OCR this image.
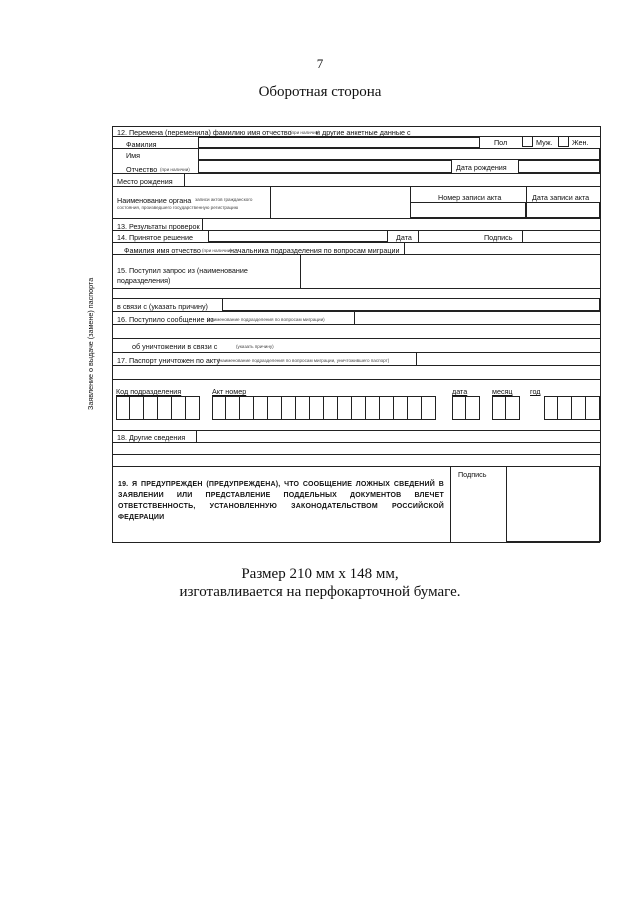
7
Оборотная сторона
Заявление о выдаче (замене) паспорта
12. Перемена (переменила) фамилию имя отчество
(при наличии)
и другие анкетные данные с
Фамилия	Пол	Муж.	Жен.
Имя
Отчество (при наличии)	Дата рождения
Место рождения
Наименование органа записи актов гражданского
состояния, произведшего государственную регистрацию
Номер записи акта	Дата записи акта
13. Результаты проверок
14. Принятое решение	Дата	Подпись
Фамилия имя отчество (при наличии)
начальника подразделения по вопросам миграции
15. Поступил запрос из (наименование
подразделения)
в связи с (указать причину)
16. Поступило сообщение из
(наименование подразделения по вопросам миграции)
об уничтожении в связи с	(указать причину)
17. Паспорт уничтожен по акту
(наименование подразделения по вопросам миграции, уничтожившего паспорт)
Код подразделения	Акт номер	дата	месяц год
18. Другие сведения
Подпись
19. Я ПРЕДУПРЕЖДЕН (ПРЕДУПРЕЖДЕНА), ЧТО СООБЩЕНИЕ ЛОЖНЫХ СВЕДЕНИЙ В ЗАЯВЛЕНИИ ИЛИ ПРЕДСТАВЛЕНИЕ ПОДДЕЛЬНЫХ ДОКУМЕНТОВ ВЛЕЧЕТ ОТВЕТСТВЕННОСТЬ, УСТАНОВЛЕННУЮ ЗАКОНОДАТЕЛЬСТВОМ РОССИЙСКОЙ ФЕДЕРАЦИИ
Размер 210 мм х 148 мм,
изготавливается на перфокарточной бумаге.
